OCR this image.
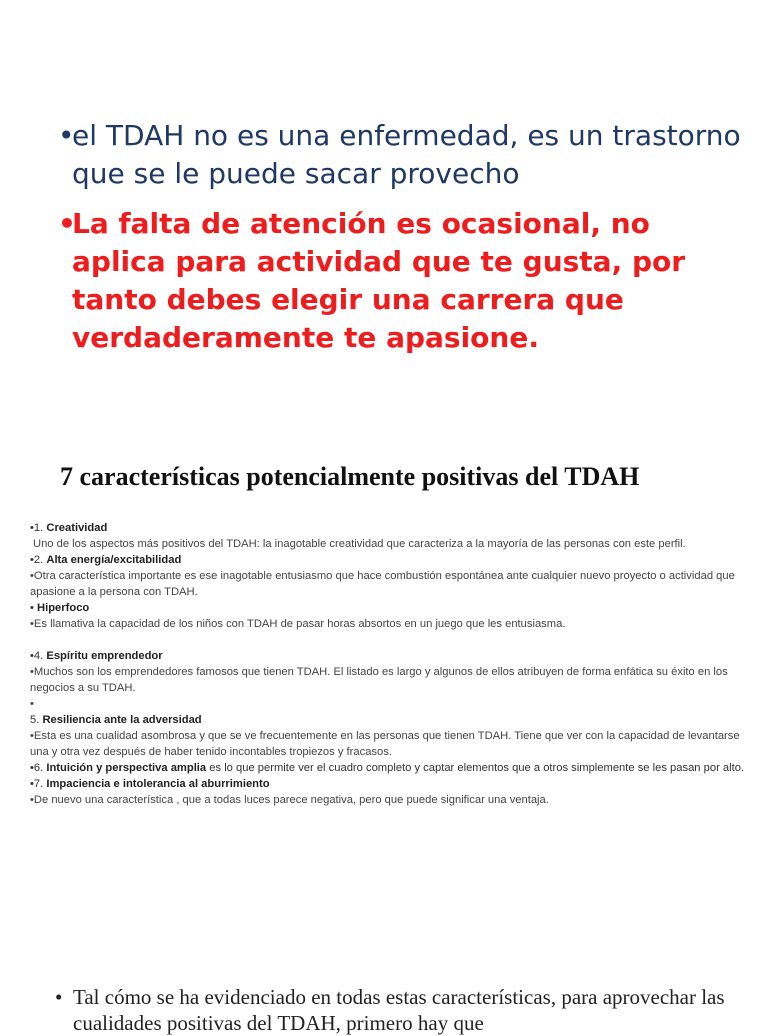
•
el TDAH no es una enfermedad, es un trastorno que se le puede sacar provecho
•
La falta de atención es ocasional, no aplica para actividad que te gusta, por tanto debes elegir una carrera que verdaderamente te apasione.
7 características potencialmente positivas del TDAH
•1. Creatividad
Uno de los aspectos más positivos del TDAH: la inagotable creatividad que caracteriza a la mayoría de las personas con este perfil.
•2. Alta energía/excitabilidad
•Otra característica importante es ese inagotable entusiasmo que hace combustión espontánea ante cualquier nuevo proyecto o actividad que apasione a la persona con TDAH.
• Hiperfoco
•Es llamativa la capacidad de los niños con TDAH de pasar horas absortos en un juego que les entusiasma.
•4. Espíritu emprendedor
•Muchos son los emprendedores famosos que tienen TDAH. El listado es largo y algunos de ellos atribuyen de forma enfática su éxito en los negocios a su TDAH.
•
5. Resiliencia ante la adversidad
•Esta es una cualidad asombrosa y que se ve frecuentemente en las personas que tienen TDAH. Tiene que ver con la capacidad de levantarse una y otra vez después de haber tenido incontables tropiezos y fracasos.
•6. Intuición y perspectiva amplia es lo que permite ver el cuadro completo y captar elementos que a otros simplemente se les pasan por alto.
•7. Impaciencia e intolerancia al aburrimiento
•De nuevo una característica , que a todas luces parece negativa, pero que puede significar una ventaja.
• Tal cómo se ha evidenciado en todas estas características, para aprovechar las cualidades positivas del TDAH, primero hay que
